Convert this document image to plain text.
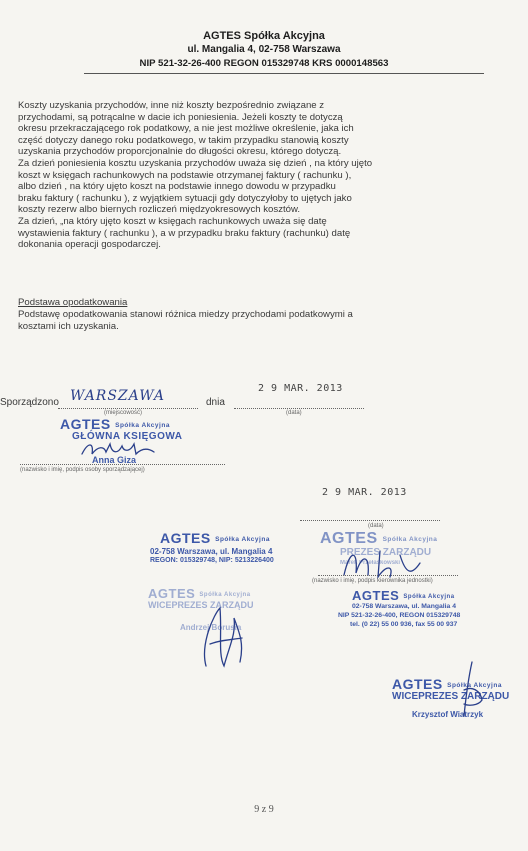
AGTES Spółka Akcyjna
ul. Mangalia 4, 02-758 Warszawa
NIP 521-32-26-400 REGON 015329748 KRS 0000148563
Koszty uzyskania przychodów, inne niż koszty bezpośrednio związane z
przychodami, są potrącalne w dacie ich poniesienia. Jeżeli koszty te dotyczą
okresu przekraczającego rok podatkowy, a nie jest możliwe określenie, jaka ich
część dotyczy danego roku podatkowego, w takim przypadku stanowią koszty
uzyskania przychodów proporcjonalnie do długości okresu, którego dotyczą.
Za dzień poniesienia kosztu uzyskania przychodów uważa się dzień , na który ujęto
koszt w księgach rachunkowych na podstawie otrzymanej faktury ( rachunku ),
albo dzień , na który ujęto koszt na podstawie innego dowodu w przypadku
braku faktury ( rachunku ), z wyjątkiem sytuacji gdy dotyczyłoby to ujętych jako
koszty rezerw albo biernych rozliczeń międzyokresowych kosztów.
Za dzień, „na który ujęto koszt w księgach rachunkowych uważa się datę
wystawienia faktury ( rachunku ), a w przypadku braku faktury (rachunku) datę
dokonania operacji gospodarczej.
Podstawa opodatkowania
Podstawę opodatkowania stanowi różnica miedzy przychodami podatkowymi a
kosztami ich uzyskania.
Sporządzono WARSZAWA	dnia
2 9 MAR. 2013
(miejscowość)	(data)
AGTES Spółka Akcyjna
GŁÓWNA KSIĘGOWA
Anna Giza
(nazwisko i imię, podpis osoby sporządzającej)
2 9 MAR. 2013
(data)
AGTES Spółka Akcyjna
02-758 Warszawa, ul. Mangalia 4
REGON: 015329748, NIP: 5213226400
AGTES Spółka Akcyjna
PREZES ZARZĄDU
Marek Przełaskowski
(nazwisko i imię, podpis kierownika jednostki)
AGTES Spółka Akcyjna
WICEPREZES ZARZĄDU
Andrzej Borusia
AGTES Spółka Akcyjna
02-758 Warszawa, ul. Mangalia 4
NIP 521-32-26-400, REGON 015329748
tel. (0 22) 55 00 936, fax 55 00 937
AGTES Spółka Akcyjna
WICEPREZES ZARZĄDU
Krzysztof Wiatrzyk
9 z 9
